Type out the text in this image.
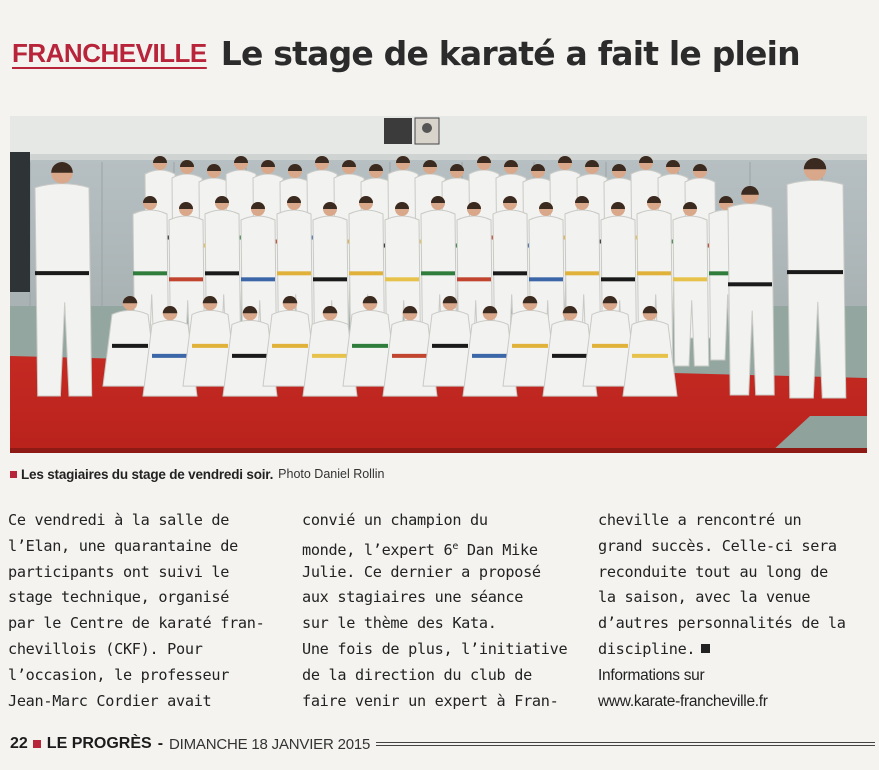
FRANCHEVILLE Le stage de karaté a fait le plein
Les stagiaires du stage de vendredi soir. Photo Daniel Rollin
Ce vendredi à la salle de
l’Elan, une quarantaine de
participants ont suivi le
stage technique, organisé
par le Centre de karaté fran-
chevillois (CKF). Pour
l’occasion, le professeur
Jean-Marc Cordier avait
convié un champion du
monde, l’expert 6e Dan Mike
Julie. Ce dernier a proposé
aux stagiaires une séance
sur le thème des Kata.
Une fois de plus, l’initiative
de la direction du club de
faire venir un expert à Fran-
cheville a rencontré un
grand succès. Celle-ci sera
reconduite tout au long de
la saison, avec la venue
d’autres personnalités de la
discipline.
Informations sur
www.karate-francheville.fr
22 LE PROGRÈS - DIMANCHE 18 JANVIER 2015
